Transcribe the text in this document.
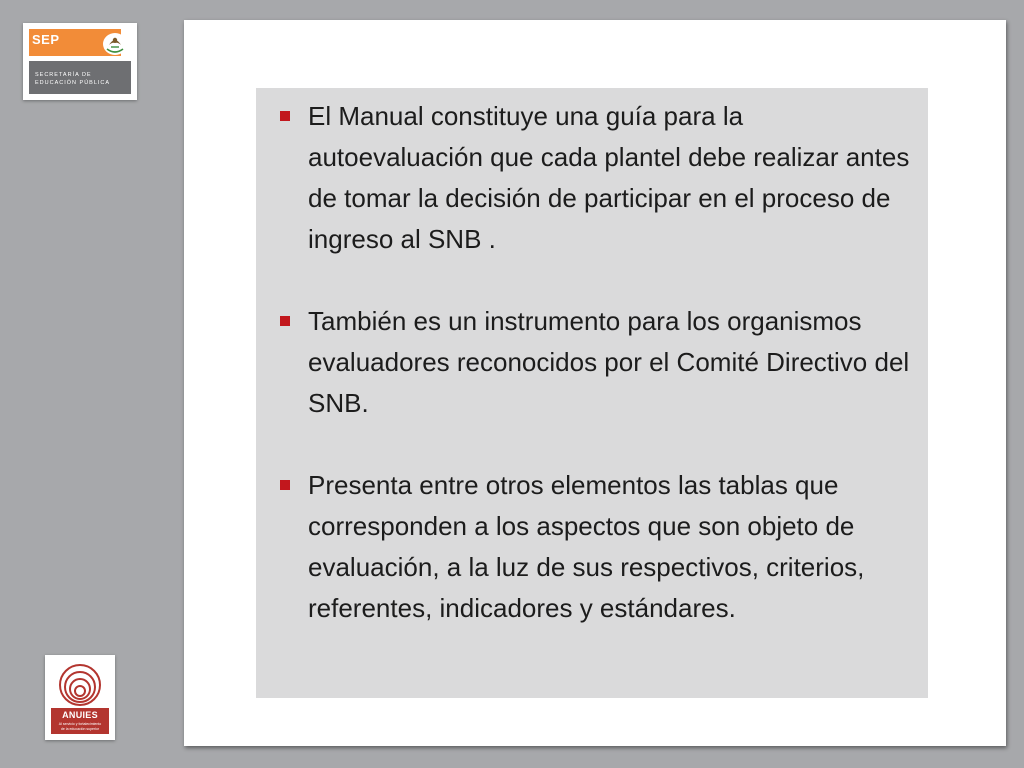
SEP
SECRETARÍA DE
EDUCACIÓN PÚBLICA
ANUIES
Al servicio y fortalecimiento
de la educación superior
El Manual constituye una guía para la autoevaluación que cada plantel debe realizar antes de tomar la decisión de participar en el proceso de ingreso al SNB .
También es un instrumento para los organismos evaluadores reconocidos por el Comité Directivo del SNB.
Presenta entre otros elementos las tablas que corresponden a los aspectos que son objeto de evaluación, a la luz de sus respectivos, criterios, referentes, indicadores y estándares.
